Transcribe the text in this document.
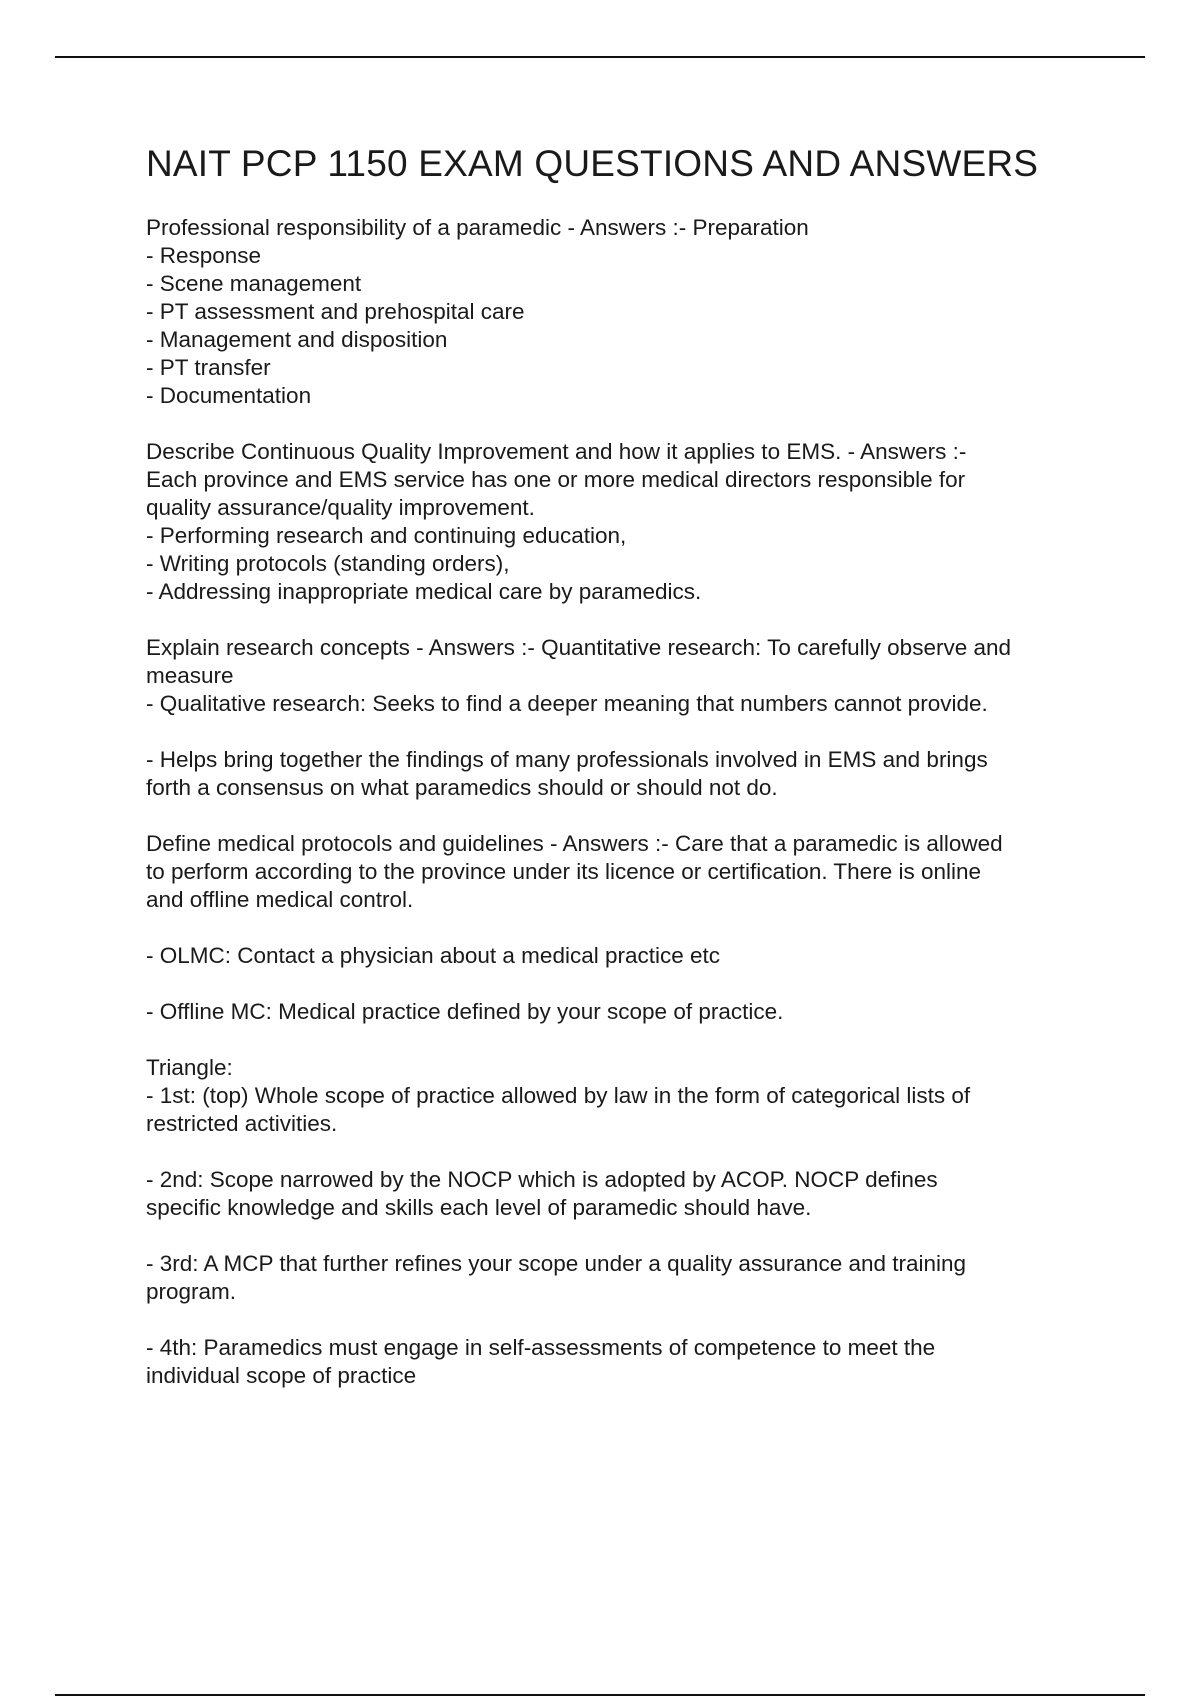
NAIT PCP 1150 EXAM QUESTIONS AND ANSWERS
Professional responsibility of a paramedic - Answers :- Preparation
- Response
- Scene management
- PT assessment and prehospital care
- Management and disposition
- PT transfer
- Documentation
Describe Continuous Quality Improvement and how it applies to EMS. - Answers :-
Each province and EMS service has one or more medical directors responsible for
quality assurance/quality improvement.
- Performing research and continuing education,
- Writing protocols (standing orders),
- Addressing inappropriate medical care by paramedics.
Explain research concepts - Answers :- Quantitative research: To carefully observe and
measure
- Qualitative research: Seeks to find a deeper meaning that numbers cannot provide.
- Helps bring together the findings of many professionals involved in EMS and brings
forth a consensus on what paramedics should or should not do.
Define medical protocols and guidelines - Answers :- Care that a paramedic is allowed
to perform according to the province under its licence or certification. There is online
and offline medical control.
- OLMC: Contact a physician about a medical practice etc
- Offline MC: Medical practice defined by your scope of practice.
Triangle:
- 1st: (top) Whole scope of practice allowed by law in the form of categorical lists of
restricted activities.
- 2nd: Scope narrowed by the NOCP which is adopted by ACOP. NOCP defines
specific knowledge and skills each level of paramedic should have.
- 3rd: A MCP that further refines your scope under a quality assurance and training
program.
- 4th: Paramedics must engage in self-assessments of competence to meet the
individual scope of practice
